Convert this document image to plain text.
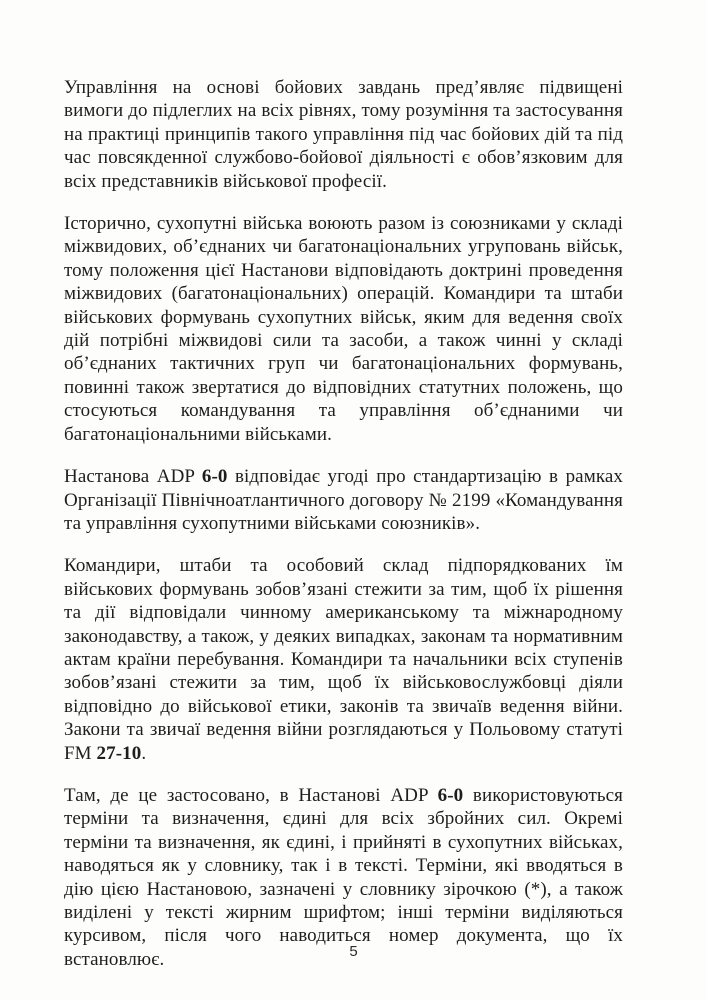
Управління на основі бойових завдань пред’являє підвищені вимоги до підлеглих на всіх рівнях, тому розуміння та застосування на практиці принципів такого управління під час бойових дій та під час повсякденної службово-бойової діяльності є обов’язковим для всіх представників військової професії.

Історично, сухопутні війська воюють разом із союзниками у складі міжвидових, об’єднаних чи багатонаціональних угруповань військ, тому положення цієї Настанови відповідають доктрині проведення міжвидових (багатонаціональних) операцій. Командири та штаби військових формувань сухопутних військ, яким для ведення своїх дій потрібні міжвидові сили та засоби, а також чинні у складі об’єднаних тактичних груп чи багатонаціональних формувань, повинні також звертатися до відповідних статутних положень, що стосуються командування та управління об’єднаними чи багатонаціональними військами.

Настанова ADP 6-0 відповідає угоді про стандартизацію в рамках Організації Північноатлантичного договору № 2199 «Командування та управління сухопутними військами союзників».

Командири, штаби та особовий склад підпорядкованих їм військових формувань зобов’язані стежити за тим, щоб їх рішення та дії відповідали чинному американському та міжнародному законодавству, а також, у деяких випадках, законам та нормативним актам країни перебування. Командири та начальники всіх ступенів зобов’язані стежити за тим, щоб їх військовослужбовці діяли відповідно до військової етики, законів та звичаїв ведення війни. Закони та звичаї ведення війни розглядаються у Польовому статуті FM 27-10.

Там, де це застосовано, в Настанові ADP 6-0 використовуються терміни та визначення, єдині для всіх збройних сил. Окремі терміни та визначення, як єдині, і прийняті в сухопутних військах, наводяться як у словнику, так і в тексті. Терміни, які вводяться в дію цією Настановою, зазначені у словнику зірочкою (*), а також виділені у тексті жирним шрифтом; інші терміни виділяються курсивом, після чого наводиться номер документа, що їх встановлює.	5
